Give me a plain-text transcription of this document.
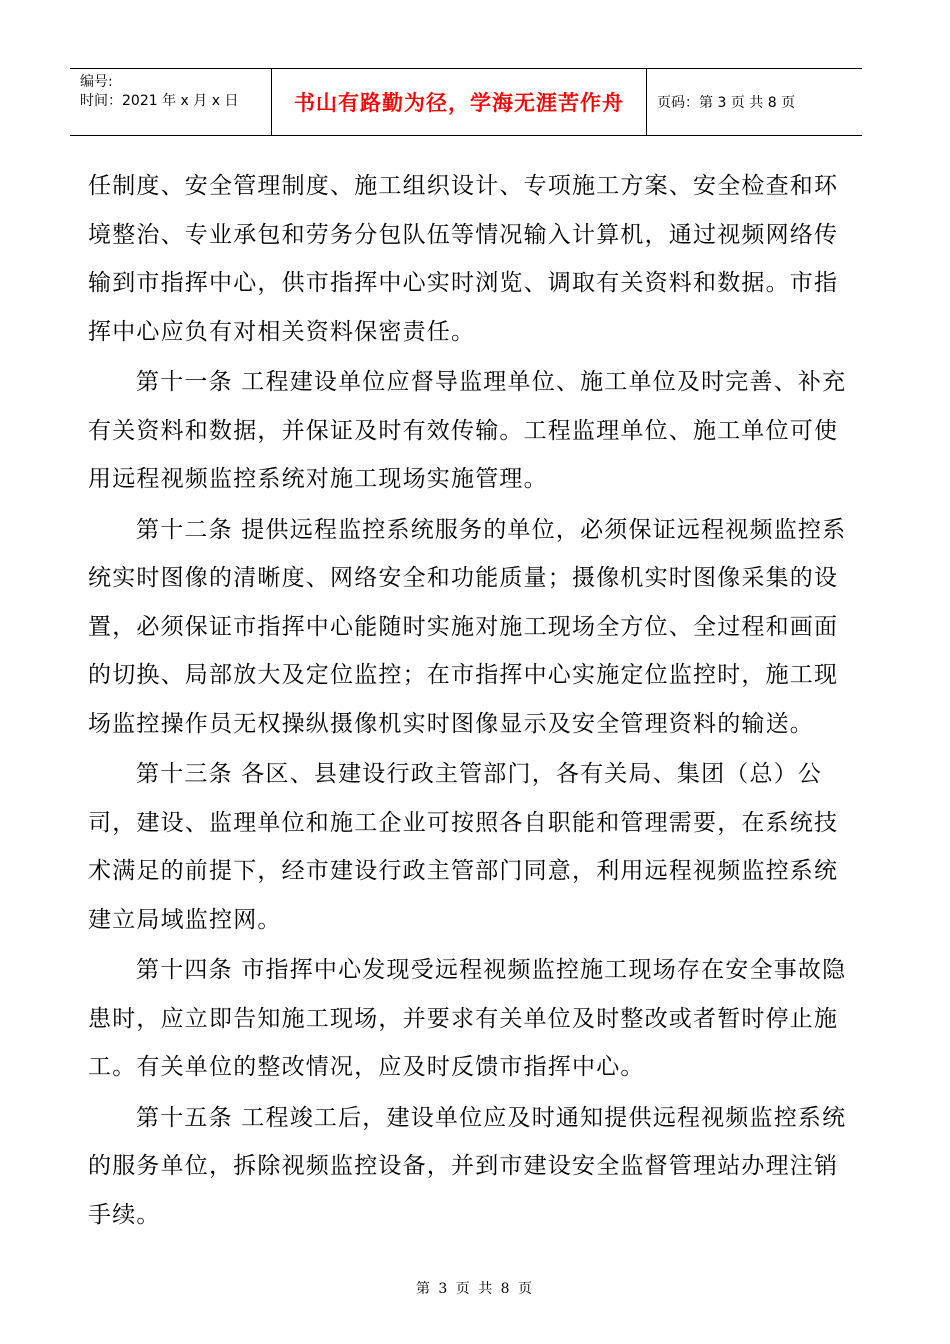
编号:
时间：2021 年 x 月 x 日	书山有路勤为径，学海无涯苦作舟	页码：第 3 页 共 8 页

任制度、安全管理制度、施工组织设计、专项施工方案、安全检查和环境整治、专业承包和劳务分包队伍等情况输入计算机，通过视频网络传输到市指挥中心，供市指挥中心实时浏览、调取有关资料和数据。市指挥中心应负有对相关资料保密责任。

第十一条 工程建设单位应督导监理单位、施工单位及时完善、补充有关资料和数据，并保证及时有效传输。工程监理单位、施工单位可使用远程视频监控系统对施工现场实施管理。

第十二条 提供远程监控系统服务的单位，必须保证远程视频监控系统实时图像的清晰度、网络安全和功能质量；摄像机实时图像采集的设置，必须保证市指挥中心能随时实施对施工现场全方位、全过程和画面的切换、局部放大及定位监控；在市指挥中心实施定位监控时，施工现场监控操作员无权操纵摄像机实时图像显示及安全管理资料的输送。

第十三条 各区、县建设行政主管部门，各有关局、集团（总）公司，建设、监理单位和施工企业可按照各自职能和管理需要，在系统技术满足的前提下，经市建设行政主管部门同意，利用远程视频监控系统建立局域监控网。

第十四条 市指挥中心发现受远程视频监控施工现场存在安全事故隐患时，应立即告知施工现场，并要求有关单位及时整改或者暂时停止施工。有关单位的整改情况，应及时反馈市指挥中心。

第十五条 工程竣工后，建设单位应及时通知提供远程视频监控系统的服务单位，拆除视频监控设备，并到市建设安全监督管理站办理注销手续。

第 3 页 共 8 页
